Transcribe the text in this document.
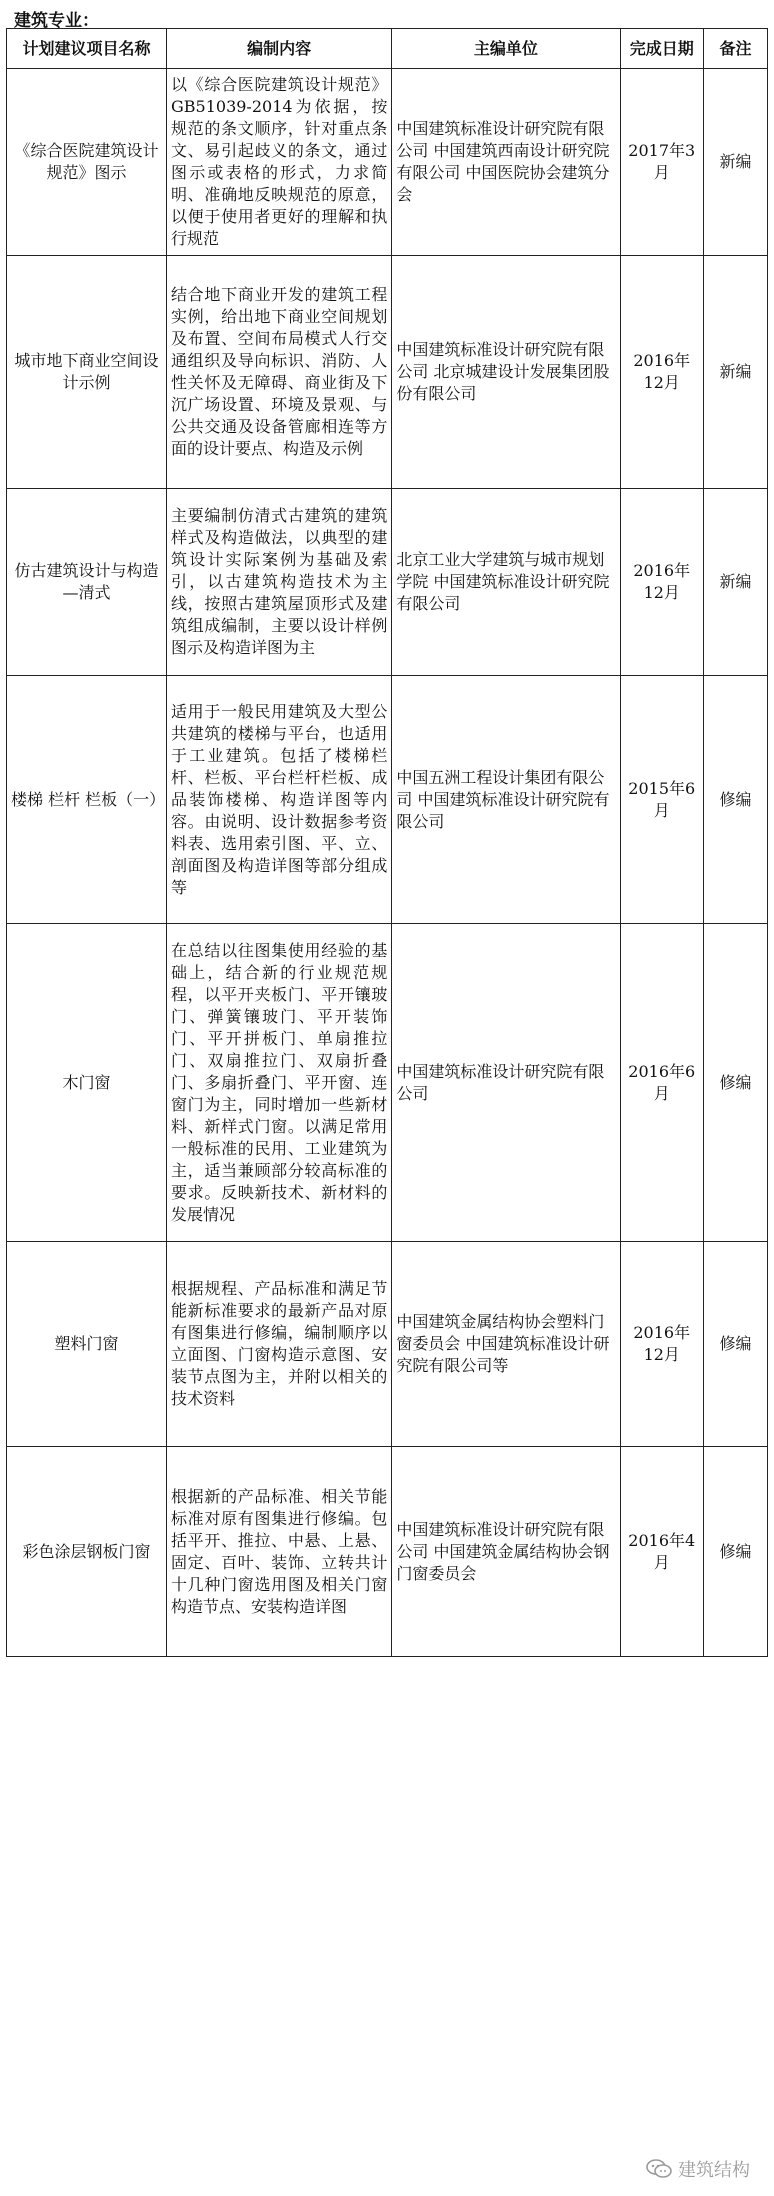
建筑专业：
计划建议项目名称	编制内容	主编单位	完成日期	备注
《综合医院建筑设计规范》图示	以《综合医院建筑设计规范》GB51039-2014为依据，按规范的条文顺序，针对重点条文、易引起歧义的条文，通过图示或表格的形式，力求简明、准确地反映规范的原意，以便于使用者更好的理解和执行规范	中国建筑标准设计研究院有限公司 中国建筑西南设计研究院有限公司 中国医院协会建筑分会	2017年3月	新编
城市地下商业空间设计示例	结合地下商业开发的建筑工程实例，给出地下商业空间规划及布置、空间布局模式人行交通组织及导向标识、消防、人性关怀及无障碍、商业街及下沉广场设置、环境及景观、与公共交通及设备管廊相连等方面的设计要点、构造及示例	中国建筑标准设计研究院有限公司 北京城建设计发展集团股份有限公司	2016年12月	新编
仿古建筑设计与构造—清式	主要编制仿清式古建筑的建筑样式及构造做法，以典型的建筑设计实际案例为基础及索引，以古建筑构造技术为主线，按照古建筑屋顶形式及建筑组成编制，主要以设计样例图示及构造详图为主	北京工业大学建筑与城市规划学院 中国建筑标准设计研究院有限公司	2016年12月	新编
楼梯 栏杆 栏板（一）	适用于一般民用建筑及大型公共建筑的楼梯与平台，也适用于工业建筑。包括了楼梯栏杆、栏板、平台栏杆栏板、成品装饰楼梯、构造详图等内容。由说明、设计数据参考资料表、选用索引图、平、立、剖面图及构造详图等部分组成等	中国五洲工程设计集团有限公司 中国建筑标准设计研究院有限公司	2015年6月	修编
木门窗	在总结以往图集使用经验的基础上，结合新的行业规范规程，以平开夹板门、平开镶玻门、弹簧镶玻门、平开装饰门、平开拼板门、单扇推拉门、双扇推拉门、双扇折叠门、多扇折叠门、平开窗、连窗门为主，同时增加一些新材料、新样式门窗。以满足常用一般标准的民用、工业建筑为主，适当兼顾部分较高标准的要求。反映新技术、新材料的发展情况	中国建筑标准设计研究院有限公司	2016年6月	修编
塑料门窗	根据规程、产品标准和满足节能新标准要求的最新产品对原有图集进行修编，编制顺序以立面图、门窗构造示意图、安装节点图为主，并附以相关的技术资料	中国建筑金属结构协会塑料门窗委员会 中国建筑标准设计研究院有限公司等	2016年12月	修编
彩色涂层钢板门窗	根据新的产品标准、相关节能标准对原有图集进行修编。包括平开、推拉、中悬、上悬、固定、百叶、装饰、立转共计十几种门窗选用图及相关门窗构造节点、安装构造详图	中国建筑标准设计研究院有限公司 中国建筑金属结构协会钢门窗委员会	2016年4月	修编
建筑结构
